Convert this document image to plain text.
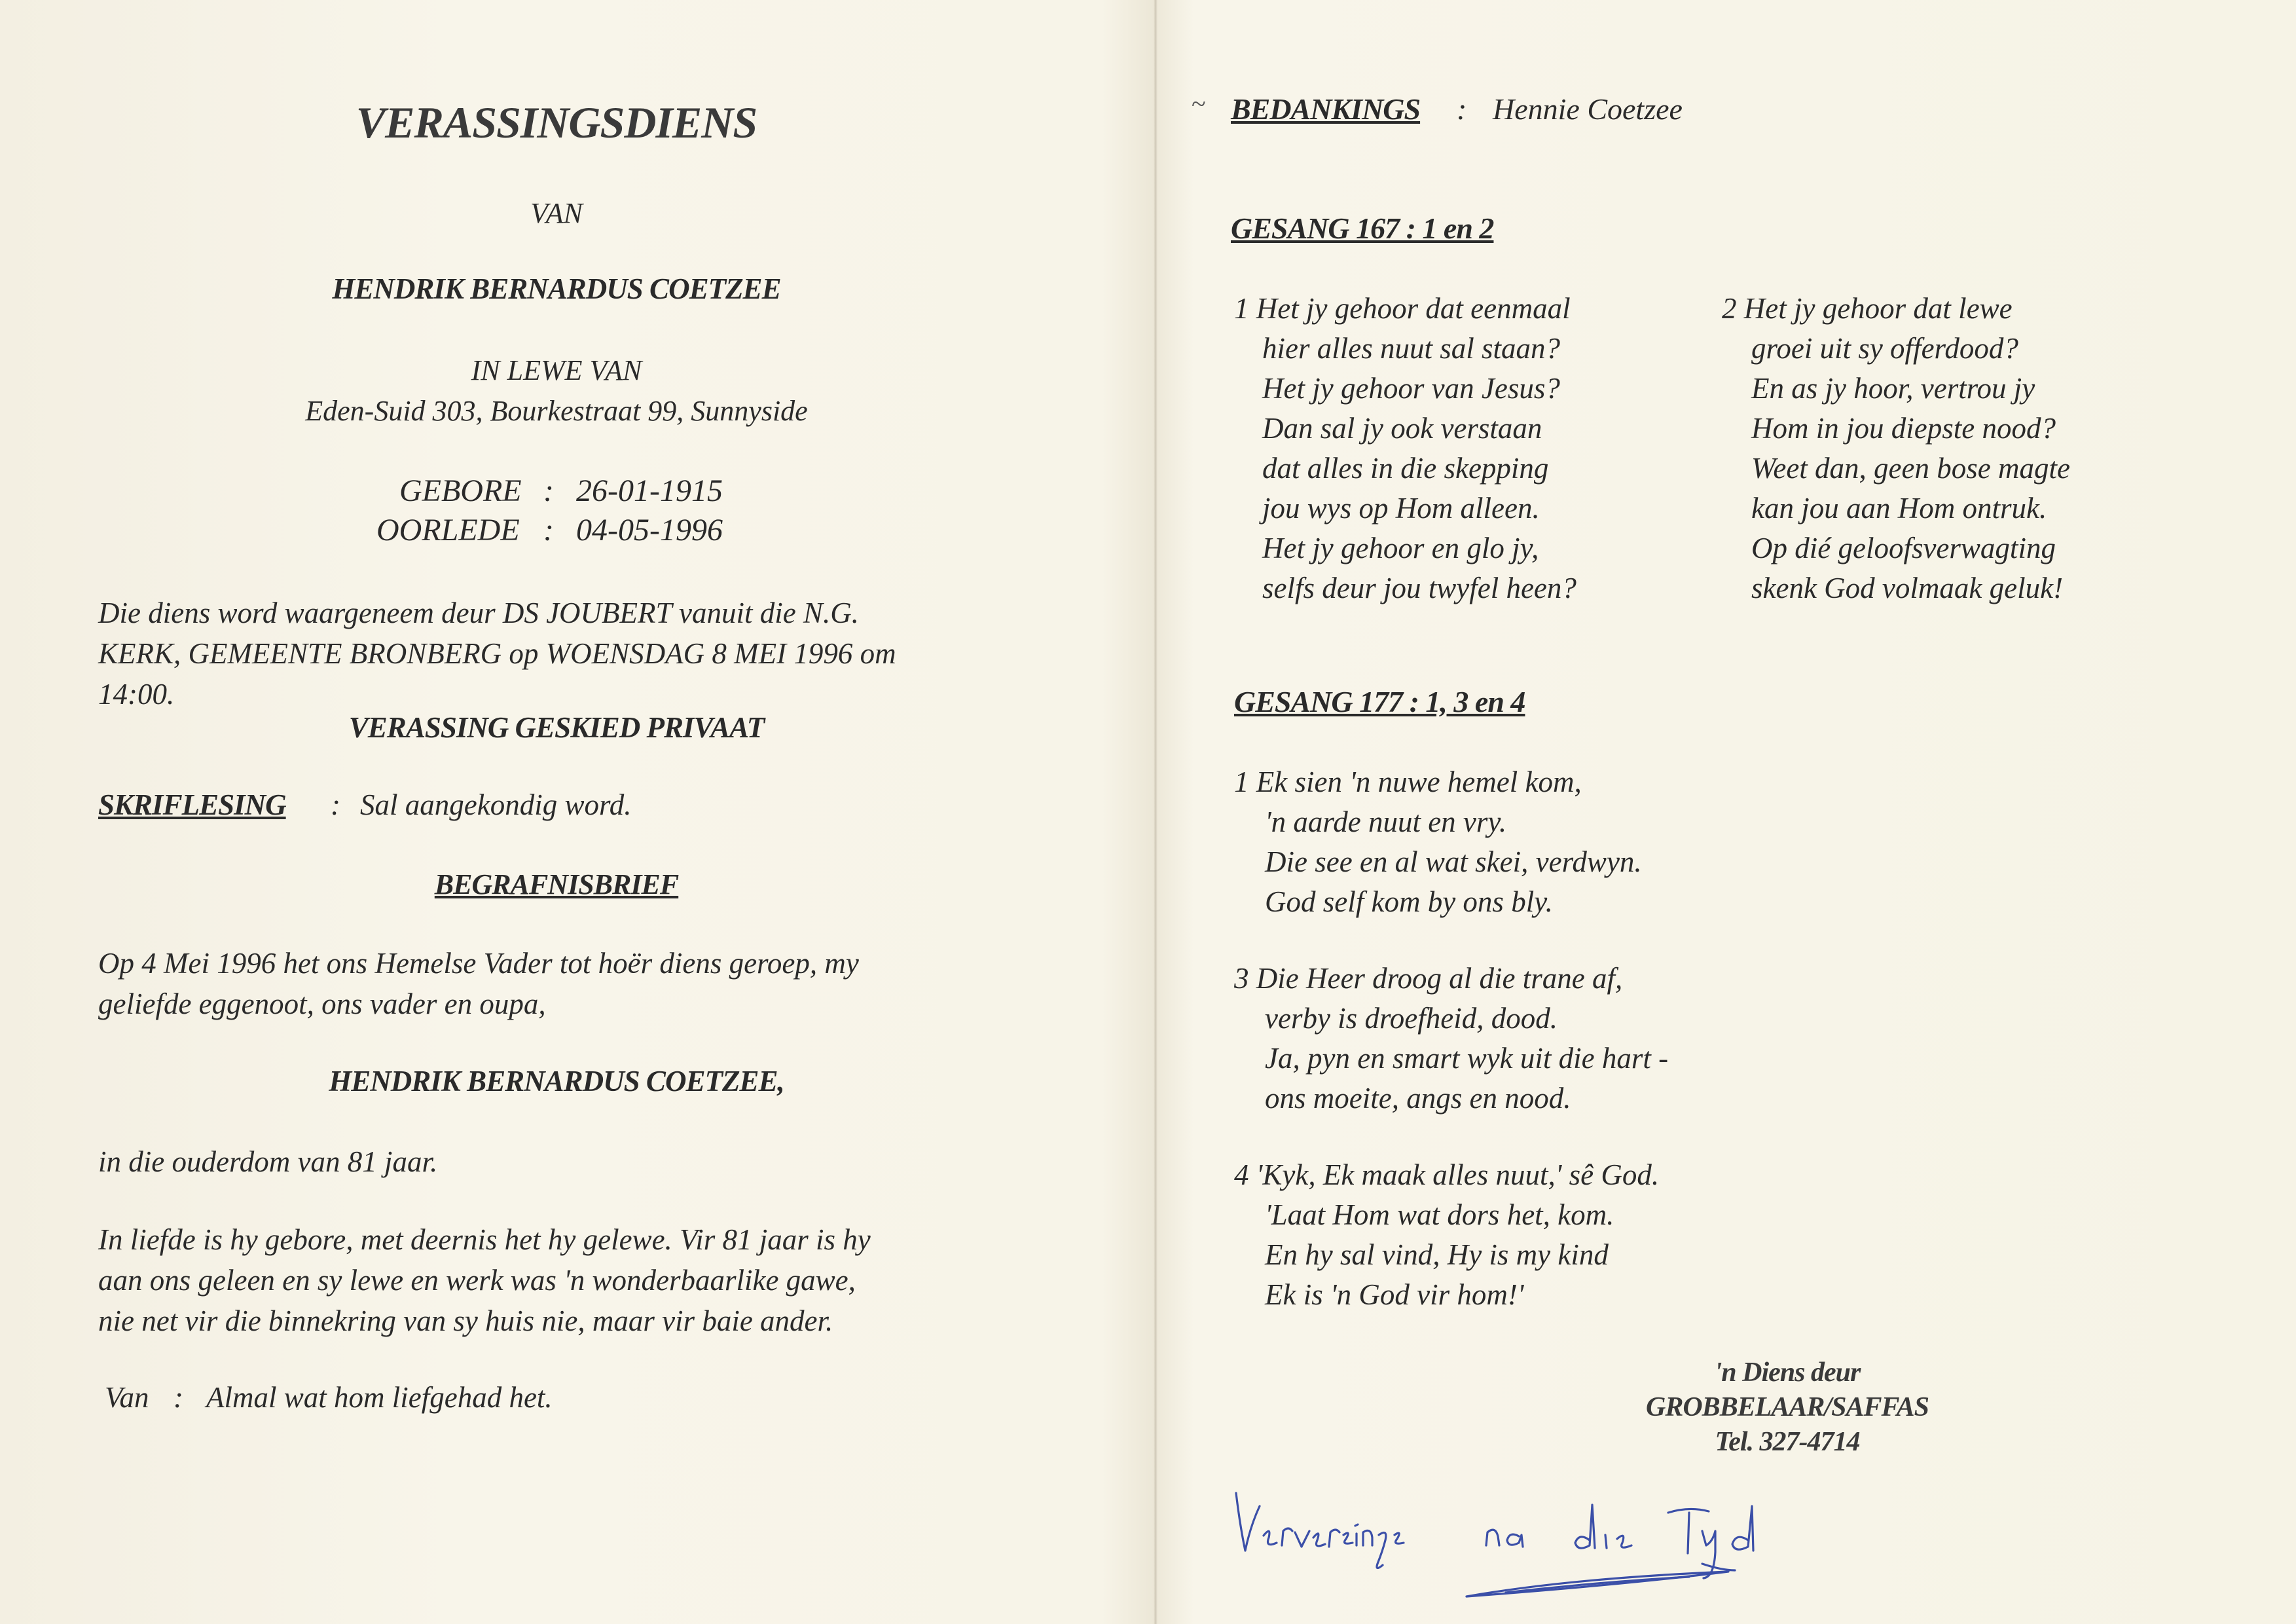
VERASSINGSDIENS
VAN
HENDRIK BERNARDUS COETZEE
IN LEWE VAN
Eden-Suid 303, Bourkestraat 99, Sunnyside
GEBORE : 26-01-1915
OORLEDE : 04-05-1996
Die diens word waargeneem deur DS JOUBERT vanuit die N.G.
KERK, GEMEENTE BRONBERG op WOENSDAG 8 MEI 1996 om
14:00.
VERASSING GESKIED PRIVAAT
SKRIFLESING : Sal aangekondig word.
BEGRAFNISBRIEF
Op 4 Mei 1996 het ons Hemelse Vader tot hoër diens geroep, my
geliefde eggenoot, ons vader en oupa,
HENDRIK BERNARDUS COETZEE,
in die ouderdom van 81 jaar.
In liefde is hy gebore, met deernis het hy gelewe. Vir 81 jaar is hy
aan ons geleen en sy lewe en werk was 'n wonderbaarlike gawe,
nie net vir die binnekring van sy huis nie, maar vir baie ander.
Van : Almal wat hom liefgehad het.
~ BEDANKINGS : Hennie Coetzee
GESANG 167 : 1 en 2
1 Het jy gehoor dat eenmaal
hier alles nuut sal staan?
Het jy gehoor van Jesus?
Dan sal jy ook verstaan
dat alles in die skepping
jou wys op Hom alleen.
Het jy gehoor en glo jy,
selfs deur jou twyfel heen?
2 Het jy gehoor dat lewe
groei uit sy offerdood?
En as jy hoor, vertrou jy
Hom in jou diepste nood?
Weet dan, geen bose magte
kan jou aan Hom ontruk.
Op dié geloofsverwagting
skenk God volmaak geluk!
GESANG 177 : 1, 3 en 4
1 Ek sien 'n nuwe hemel kom,
'n aarde nuut en vry.
Die see en al wat skei, verdwyn.
God self kom by ons bly.
3 Die Heer droog al die trane af,
verby is droefheid, dood.
Ja, pyn en smart wyk uit die hart -
ons moeite, angs en nood.
4 'Kyk, Ek maak alles nuut,' sê God.
'Laat Hom wat dors het, kom.
En hy sal vind, Hy is my kind
Ek is 'n God vir hom!'
'n Diens deur
GROBBELAAR/SAFFAS
Tel. 327-4714
